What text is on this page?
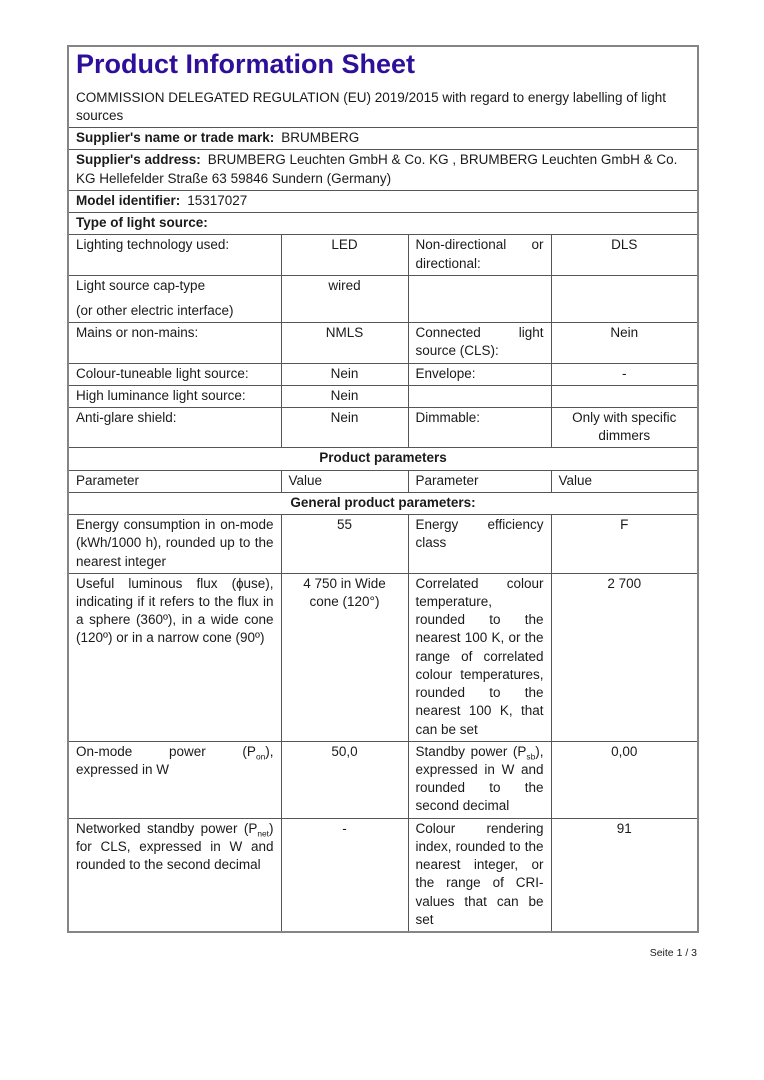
Product Information Sheet

COMMISSION DELEGATED REGULATION (EU) 2019/2015 with regard to energy labelling of light sources

Supplier's name or trade mark: BRUMBERG			
Supplier's address: BRUMBERG Leuchten GmbH & Co. KG , BRUMBERG Leuchten GmbH & Co. KG Hellefelder Straße 63 59846 Sundern (Germany)			
Model identifier: 15317027			
Type of light source:			

Lighting technology used:	LED	Non-directional or directional:	DLS

Light source cap-type
(or other electric interface)	wired		

Mains or non-mains:	NMLS	Connected light source (CLS):	Nein

Colour-tuneable light source:	Nein	Envelope:	-

High luminance light source:	Nein		

Anti-glare shield:	Nein	Dimmable:	Only with specific dimmers

Product parameters			

Parameter	Value	Parameter	Value

General product parameters:			

Energy consumption in on-mode (kWh/1000 h), rounded up to the nearest integer	55	Energy efficiency class	F

Useful luminous flux (ɸuse), indicating if it refers to the flux in a sphere (360º), in a wide cone (120º) or in a narrow cone (90º)	4 750 in Wide cone (120°)	Correlated colour temperature, rounded to the nearest 100 K, or the range of correlated colour temperatures, rounded to the nearest 100 K, that can be set	2 700

On-mode power $(P_{on})$, expressed in W	50,0	Standby power $(P_{sb})$, expressed in W and rounded to the second decimal	0,00

Networked standby power $(P_{net})$ for CLS, expressed in W and rounded to the second decimal	-	Colour rendering index, rounded to the nearest integer, or the range of CRI-values that can be set	91
Seite 1 / 3
